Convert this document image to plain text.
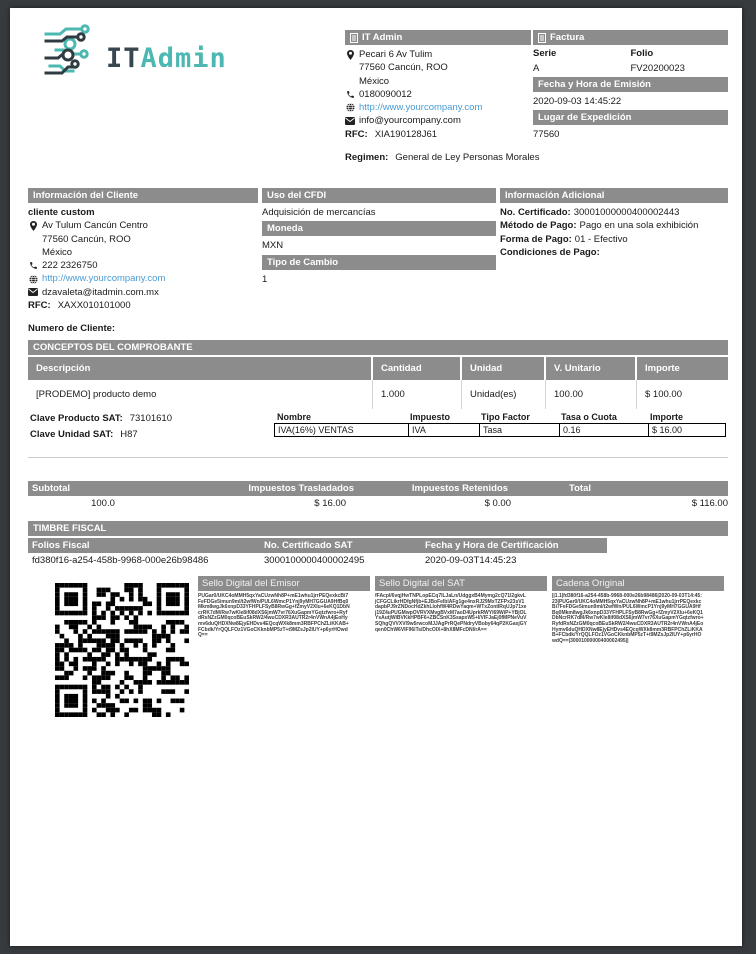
ITAdmin
IT Admin
Pecari 6 Av Tulim
77560 Cancún, ROO
México
0180090012
http://www.yourcompany.com
info@yourcompany.com
RFC: XIA190128J61
Regimen: General de Ley Personas Morales
Factura
Serie	Folio
A	FV20200023
Fecha y Hora de Emisión
2020-09-03 14:45:22
Lugar de Expedición
77560
Información del Cliente
cliente custom
Av Tulum Cancún Centro
77560 Cancún, ROO
México
222 2326750
http://www.yourcompany.com
dzavaleta@itadmin.com.mx
RFC: XAXX010101000
Uso del CFDI
Adquisición de mercancías
Moneda
MXN
Tipo de Cambio
1
Información Adicional
No. Certificado: 30001000000400002443
Método de Pago: Pago en una sola exhibición
Forma de Pago: 01 - Efectivo
Condiciones de Pago:
Numero de Cliente:
CONCEPTOS DEL COMPROBANTE
Descripción	Cantidad	Unidad	V. Unitario	Importe
[PRODEMO] producto demo	1.000	Unidad(es)	100.00	$ 100.00
Clave Producto SAT: 73101610
Clave Unidad SAT: H87
Nombre	Impuesto	Tipo Factor	Tasa o Cuota	Importe
IVA(16%) VENTAS	IVA	Tasa	0.16	$ 16.00
Subtotal	Impuestos Trasladados	Impuestos Retenidos	Total
100.0	$ 16.00	$ 0.00	$ 116.00
TIMBRE FISCAL
Folios Fiscal	No. Certificado SAT	Fecha y Hora de Certificación
fd380f16-a254-458b-9968-000e26b98486	3000100000400002495	2020-09-03T14:45:23
Sello Digital del Emisor
PUGar0/UKC4oMMH5qxYaCUzwNh8P+mE1whu1jrrPEQexkcBi7FeFDGe5imun9ml/t2wfWn/PUL6WmcP1Ynj9yMH7GGUA9HfBq0Mkm8wgJk6xnpD33YFHPLFSyB8RwGg+fZmyV2XIu+6eKQ1DbNcrRK7dM/Rw7wKle8if08dXS6jmW7vr76XuGapmYGqtzfwro+RyfdRsNZzGM0qcoBEuSkRW2/4wuCDXR3AUTR2r4nVWnA4jEoHymv6duQHDXNw8EjyEHDvs4EQcqWXk8mm3RBFPChZLiKKAB+FCbdk/YrQQLFOz1VGoCKknbMP5zT+t9MZsJp2IUY+p6yrHOwdQ==
Sello Digital del SAT
fFAcpl/6vqjHwTNPLopECq7lLJaLn/UdggxB4Mymg2cQ71l2gkvLjCFGCLikrHDfgNfjb+EJBoFelblAFg1ge4nxRJ29MxTZFPx23sV1dapbPJ9rZNDocHdZkhLlohfW4RDwYaqm+WTxZontIRqUJp71xej19Z4uPUGMwpOVRVXMvgBVxM7aoD4UprkRWYl69WiP+YBjOLYsAutjWiBVKkHPBF6+ZBCSnK3SsapxW5+I/VIFJaEj0fMPNeVuVSQhgQVVXVl9w5rwcoMJJAgPrRQePNdryVBoby64qP2KGaxjGYqen0ChW6VIF96iTs/DhcOIX+8hX8MFcDNl/rA==
Cadena Original
||1.1|fd380f16-a254-458b-9968-000e26b98486|2020-09-03T14:45:23|PUGar0/UKC4oMMH5qxYaCUzwNh8P+mE1whu1jrrPEQexkcBi7FeFDGe5imun9ml/t2wfWn/PUL6WmcP1Ynj9yMH7GGUA9HfBq0Mkm8wgJk6xnpD33YFHPLFSyB8RwGg+fZmyV2XIu+6eKQ1DbNcrRK7dM/Rw7wKle8if08dXS6jmW7vr76XuGapmYGqtzfwro+RyfdRsNZzGM0qcoBEuSkRW2/4wuCDXR3AUTR2r4nVWnA4jEoHymv6duQHDXNw8EjyEHDvs4EQcqWXk8mm3RBFPChZLiKKAB+FCbdk/YrQQLFOz1VGoCKknbMP5zT+t9MZsJp2IUY+p6yrHOwdQ==|30001000000400002495||
